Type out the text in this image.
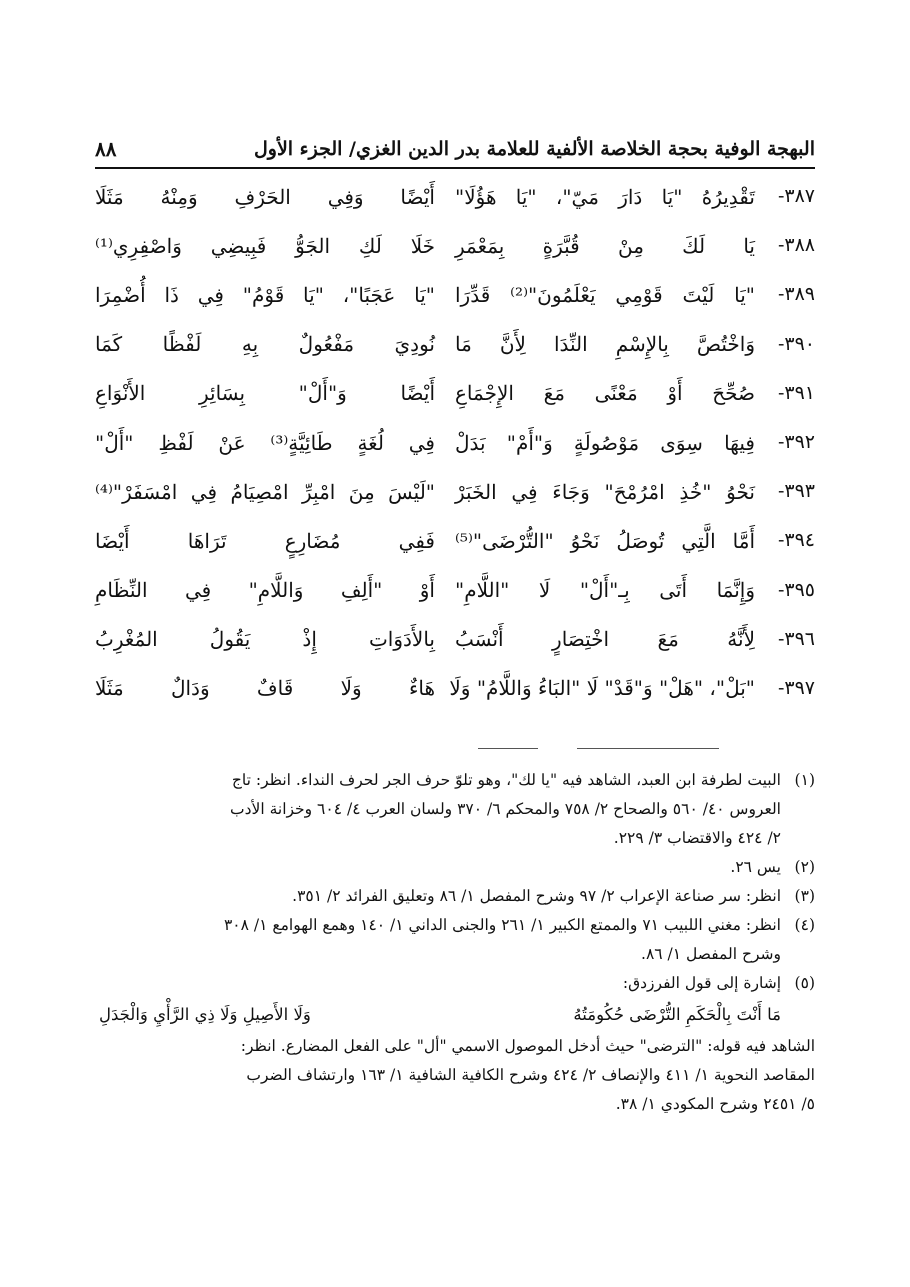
البهجة الوفية بحجة الخلاصة الألفية للعلامة بدر الدين الغزي/ الجزء الأول
٨٨
٣٨٧-
تَقْدِيرُهُ "يَا دَارَ مَيّ"، "يَا هَؤُلَا"
أَيْضًا وَفِي الحَرْفِ وَمِنْهُ مَثَلَا
٣٨٨-
يَا لَكَ مِنْ قُبَّرَةٍ بِمَعْمَرِ
خَلَا لَكِ الجَوُّ فَبِيضِي وَاصْفِرِي⁽¹⁾
٣٨٩-
"يَا لَيْتَ قَوْمِي يَعْلَمُونَ"⁽²⁾ قَدِّرَا
"يَا عَجَبًا"، "يَا قَوْمُ" فِي ذَا أُضْمِرَا
٣٩٠-
وَاخْتُصَّ بِالإِسْمِ النِّدَا لِأَنَّ مَا
نُودِيَ مَفْعُولٌ بِهِ لَفْظًا كَمَا
٣٩١-
صُحِّحَ أَوْ مَعْنًى مَعَ الإِجْمَاعِ
أَيْضًا وَ"أَلْ" بِسَائِرِ الأَنْوَاعِ
٣٩٢-
فِيهَا سِوَى مَوْصُولَةٍ وَ"أَمْ" بَدَلْ
فِي لُغَةٍ طَائِيَّةٍ⁽³⁾ عَنْ لَفْظِ "أَلْ"
٣٩٣-
نَحْوُ "خُذِ امْرُمْحَ" وَجَاءَ فِي الخَبَرْ
"لَيْسَ مِنَ امْبِرِّ امْصِيَامُ فِي امْسَفَرْ"⁽⁴⁾
٣٩٤-
أَمَّا الَّتِي تُوصَلُ نَحْوُ "التُّرْضَى"⁽⁵⁾
فَفِي مُضَارِعٍ تَرَاهَا أَيْضَا
٣٩٥-
وَإِنَّمَا أَتَى بِـ"أَلْ" لَا "اللَّامِ"
أَوْ "أَلِفِ وَاللَّامِ" فِي النِّظَامِ
٣٩٦-
لِأَنَّهُ مَعَ اخْتِصَارٍ أَنْسَبُ
بِالأَدَوَاتِ إِذْ يَقُولُ المُغْرِبُ
٣٩٧-
"بَلْ"، "هَلْ" وَ"قَدْ" لَا "البَاءُ وَاللَّامُ" وَلَا
هَاءٌ وَلَا قَافٌ وَدَالٌ مَثَلَا
(١)
البيت لطرفة ابن العبد، الشاهد فيه "يا لك"، وهو تلوّ حرف الجر لحرف النداء. انظر: تاج
العروس ٤٠/ ٥٦٠ والصحاح ٢/ ٧٥٨ والمحكم ٦/ ٣٧٠ ولسان العرب ٤/ ٦٠٤ وخزانة الأدب
٢/ ٤٢٤ والاقتضاب ٣/ ٢٢٩.
(٢)
يس ٢٦.
(٣)
انظر: سر صناعة الإعراب ٢/ ٩٧ وشرح المفصل ١/ ٨٦ وتعليق الفرائد ٢/ ٣٥١.
(٤)
انظر: مغني اللبيب ٧١ والممتع الكبير ١/ ٢٦١ والجنى الداني ١/ ١٤٠ وهمع الهوامع ١/ ٣٠٨
وشرح المفصل ١/ ٨٦.
(٥)
إشارة إلى قول الفرزدق:
مَا أَنْتَ بِالْحَكَمِ التُّرْضَى حُكُومَتُهُ
وَلَا الأَصِيلِ وَلَا ذِي الرَّأْيِ وَالْجَدَلِ
الشاهد فيه قوله: "الترضى" حيث أدخل الموصول الاسمي "أل" على الفعل المضارع. انظر:
المقاصد النحوية ١/ ٤١١ والإنصاف ٢/ ٤٢٤ وشرح الكافية الشافية ١/ ١٦٣ وارتشاف الضرب
٥/ ٢٤٥١ وشرح المكودي ١/ ٣٨.
